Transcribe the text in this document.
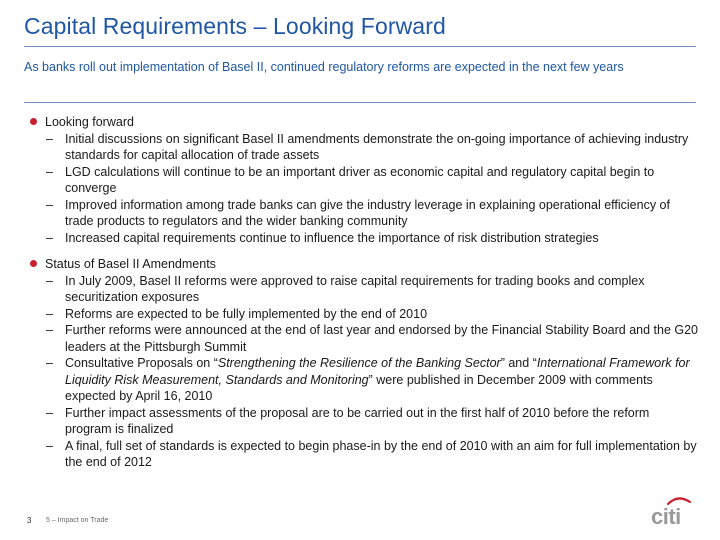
Capital Requirements – Looking Forward
As banks roll out implementation of Basel II, continued regulatory reforms are expected in the next few years
Looking forward
– Initial discussions on significant Basel II amendments demonstrate the on-going importance of achieving industry standards for capital allocation of trade assets
– LGD calculations will continue to be an important driver as economic capital and regulatory capital begin to converge
– Improved information among trade banks can give the industry leverage in explaining operational efficiency of trade products to regulators and the wider banking community
– Increased capital requirements continue to influence the importance of risk distribution strategies
Status of Basel II Amendments
– In July 2009, Basel II reforms were approved to raise capital requirements for trading books and complex securitization exposures
– Reforms are expected to be fully implemented by the end of 2010
– Further reforms were announced at the end of last year and endorsed by the Financial Stability Board and the G20 leaders at the Pittsburgh Summit
– Consultative Proposals on “Strengthening the Resilience of the Banking Sector” and “International Framework for Liquidity Risk Measurement, Standards and Monitoring” were published in December 2009 with comments expected by April 16, 2010
– Further impact assessments of the proposal are to be carried out in the first half of 2010 before the reform program is finalized
– A final, full set of standards is expected to begin phase-in by the end of 2010 with an aim for full implementation by the end of 2012
3 5 – Impact on Trade	citi
